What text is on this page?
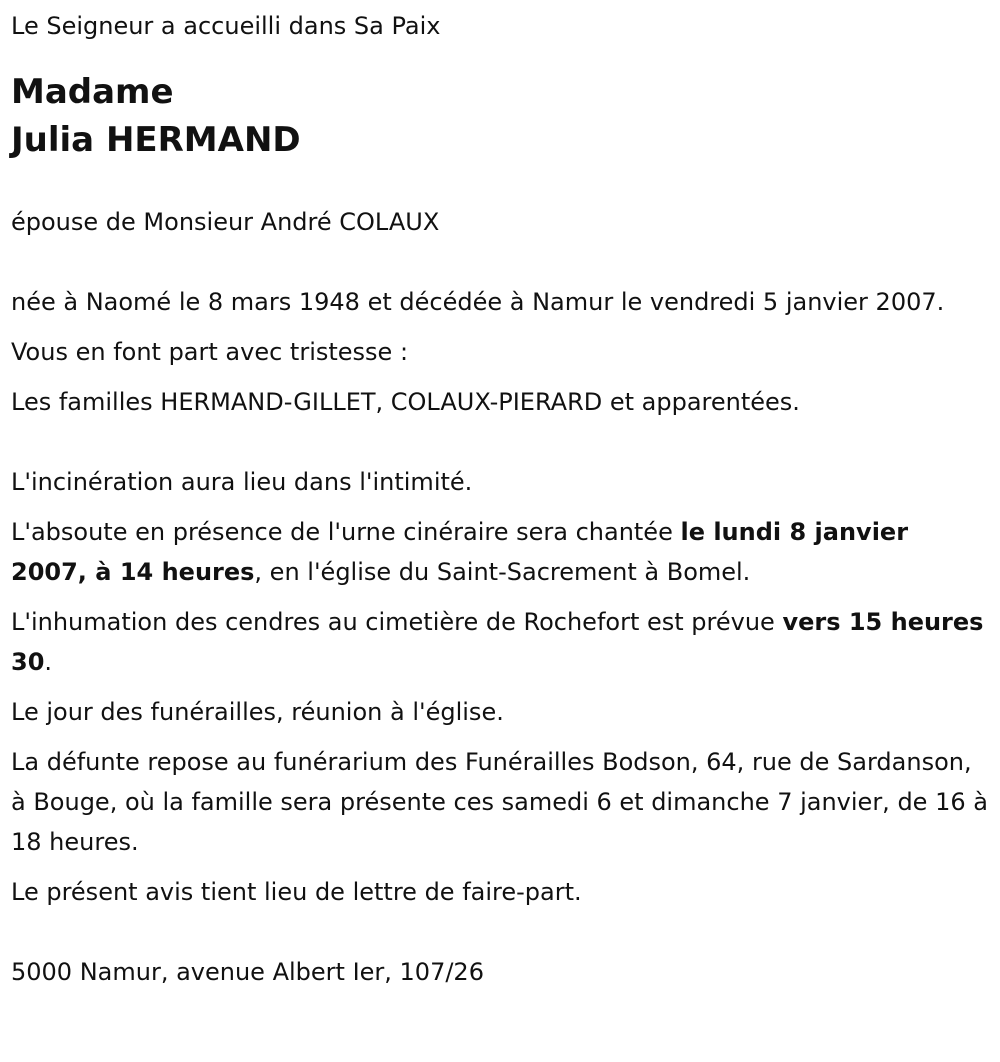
Le Seigneur a accueilli dans Sa Paix
Madame
Julia HERMAND
épouse de Monsieur André COLAUX
née à Naomé le 8 mars 1948 et décédée à Namur le vendredi 5 janvier 2007.
Vous en font part avec tristesse :
Les familles HERMAND-GILLET, COLAUX-PIERARD et apparentées.
L'incinération aura lieu dans l'intimité.
L'absoute en présence de l'urne cinéraire sera chantée le lundi 8 janvier 2007, à 14 heures, en l'église du Saint-Sacrement à Bomel.
L'inhumation des cendres au cimetière de Rochefort est prévue vers 15 heures 30.
Le jour des funérailles, réunion à l'église.
La défunte repose au funérarium des Funérailles Bodson, 64, rue de Sardanson, à Bouge, où la famille sera présente ces samedi 6 et dimanche 7 janvier, de 16 à 18 heures.
Le présent avis tient lieu de lettre de faire-part.
5000 Namur, avenue Albert Ier, 107/26
